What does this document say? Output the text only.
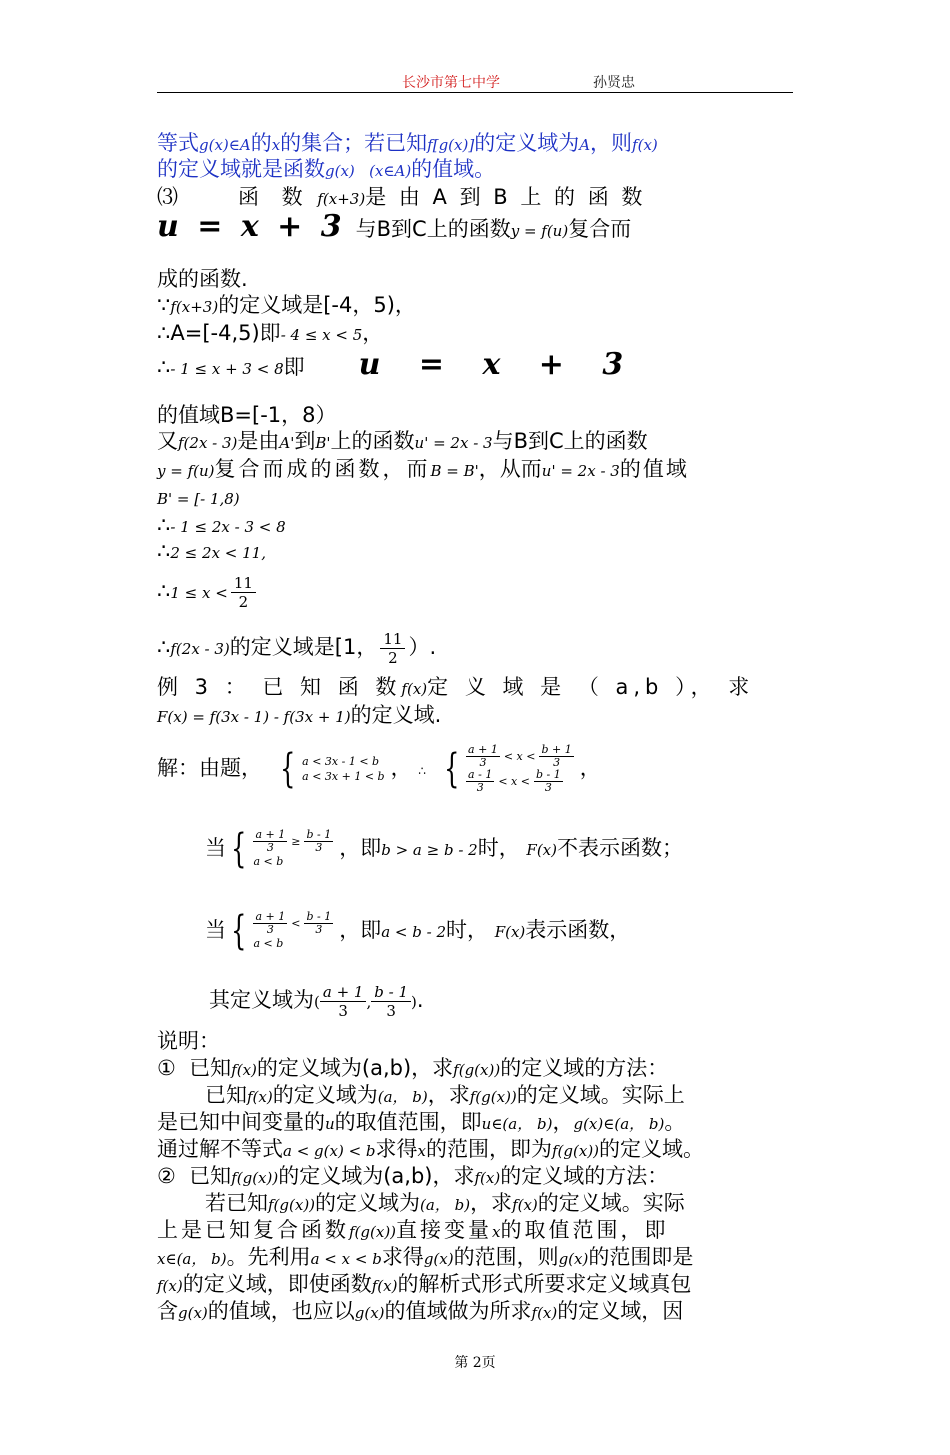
长沙市第七中学	孙贤忠
等式g(x)∈A的x的集合；若已知f[g(x)]的定义域为A，则f(x)
的定义域就是函数g(x)   (x∈A)的值域。
⑶	函 数 f(x+3)是 由 A 到 B 上 的 函 数
u = x + 3 与B到C上的函数y = f(u)复合而
成的函数.
∵f(x+3)的定义域是[-4，5)，
∴A=[-4,5)即- 4 ≤ x < 5，
∴- 1 ≤ x + 3 < 8即 u = x + 3
的值域B=[-1，8）
又f(2x - 3)是由A'到B'上的函数u' = 2x - 3与B到C上的函数
y = f(u)复合而成的函数，而B = B'，从而u' = 2x - 3的值域
B' = [- 1,8)
∴- 1 ≤ 2x - 3 < 8
∴2 ≤ 2x < 11,
∴1 ≤ $x < \frac{11}{2}$
∴f(2x - 3)的定义域是[1， $\frac{11}{2}$ ）.
例 3 ： 已 知 函 数f(x)定 义 域 是 （ a,b ）， 求
F(x) = f(3x - 1) - f(3x + 1)的定义域.
解：由题， { a < 3x - 1 < b
a < 3x + 1 < b ， ∴ { a + 1
3 < x <
b + 1
3
a - 1
3 < x <
b - 1
3
，
当 { $\frac{a + 1}{3} \ge \frac{b - 1}{3}$
a < b
，即b > a ≥ b - 2时， F(x)不表示函数；
当 { a + 1
3 <
b - 1
3
a < b
，即a < b - 2时， F(x)表示函数，
其定义域为( $\frac{a + 1}{3}$ , $\frac{b - 1}{3}$ ).
说明：
①  已知f(x)的定义域为(a,b)，求f(g(x))的定义域的方法：
已知f(x)的定义域为(a， b)，求f(g(x))的定义域。实际上
是已知中间变量的u的取值范围，即u∈(a， b)，g(x)∈(a， b)。
通过解不等式a < g(x) < b求得x的范围，即为f(g(x))的定义域。
②  已知f(g(x))的定义域为(a,b)，求f(x)的定义域的方法：
若已知f(g(x))的定义域为(a， b)，求f(x)的定义域。实际
上是已知复合函数f(g(x))直接变量x的取值范围，即
x∈(a， b)。先利用a < x < b求得g(x)的范围，则g(x)的范围即是
f(x)的定义域，即使函数f(x)的解析式形式所要求定义域真包
含g(x)的值域，也应以g(x)的值域做为所求f(x)的定义域，因
第 2页
